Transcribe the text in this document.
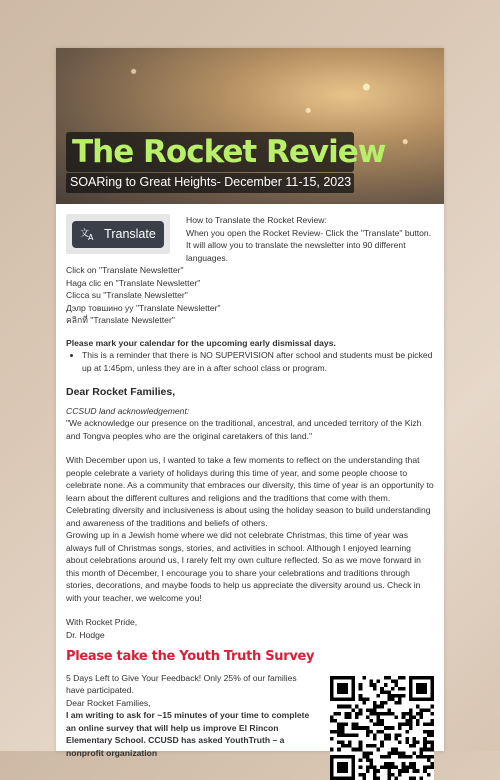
The Rocket Review
SOARing to Great Heights- December 11-15, 2023
文
A Translate
How to Translate the Rocket Review:
When you open the Rocket Review- Click the "Translate" button. It will allow you to translate the newsletter into 90 different languages.

Click on "Translate Newsletter"

Haga clic en "Translate Newsletter"

Clicca su "Translate Newsletter"

Дэлр товшино уу "Translate Newsletter"

คลิกที่ "Translate Newsletter"

Please mark your calendar for the upcoming early dismissal days.
• This is a reminder that there is NO SUPERVISION after school and students must be picked up at 1:45pm, unless they are in a after school class or program.
Dear Rocket Families,
CCSUD land acknowledgement:

"We acknowledge our presence on the traditional, ancestral, and unceded territory of the Kizh and Tongva peoples who are the original caretakers of this land."

With December upon us, I wanted to take a few moments to reflect on the understanding that people celebrate a variety of holidays during this time of year, and some people choose to celebrate none. As a community that embraces our diversity, this time of year is an opportunity to learn about the different cultures and religions and the traditions that come with them. Celebrating diversity and inclusiveness is about using the holiday season to build understanding and awareness of the traditions and beliefs of others.

Growing up in a Jewish home where we did not celebrate Christmas, this time of year was always full of Christmas songs, stories, and activities in school. Although I enjoyed learning about celebrations around us, I rarely felt my own culture reflected. So as we move forward in this month of December, I encourage you to share your celebrations and traditions through stories, decorations, and maybe foods to help us appreciate the diversity around us. Check in with your teacher, we welcome you!

With Rocket Pride,
Dr. Hodge
Please take the Youth Truth Survey
5 Days Left to Give Your Feedback! Only 25% of our families have participated.
Dear Rocket Families,
I am writing to ask for ~15 minutes of your time to complete an online survey that will help us improve El Rincon Elementary School. CCUSD has asked YouthTruth – a nonprofit organization
